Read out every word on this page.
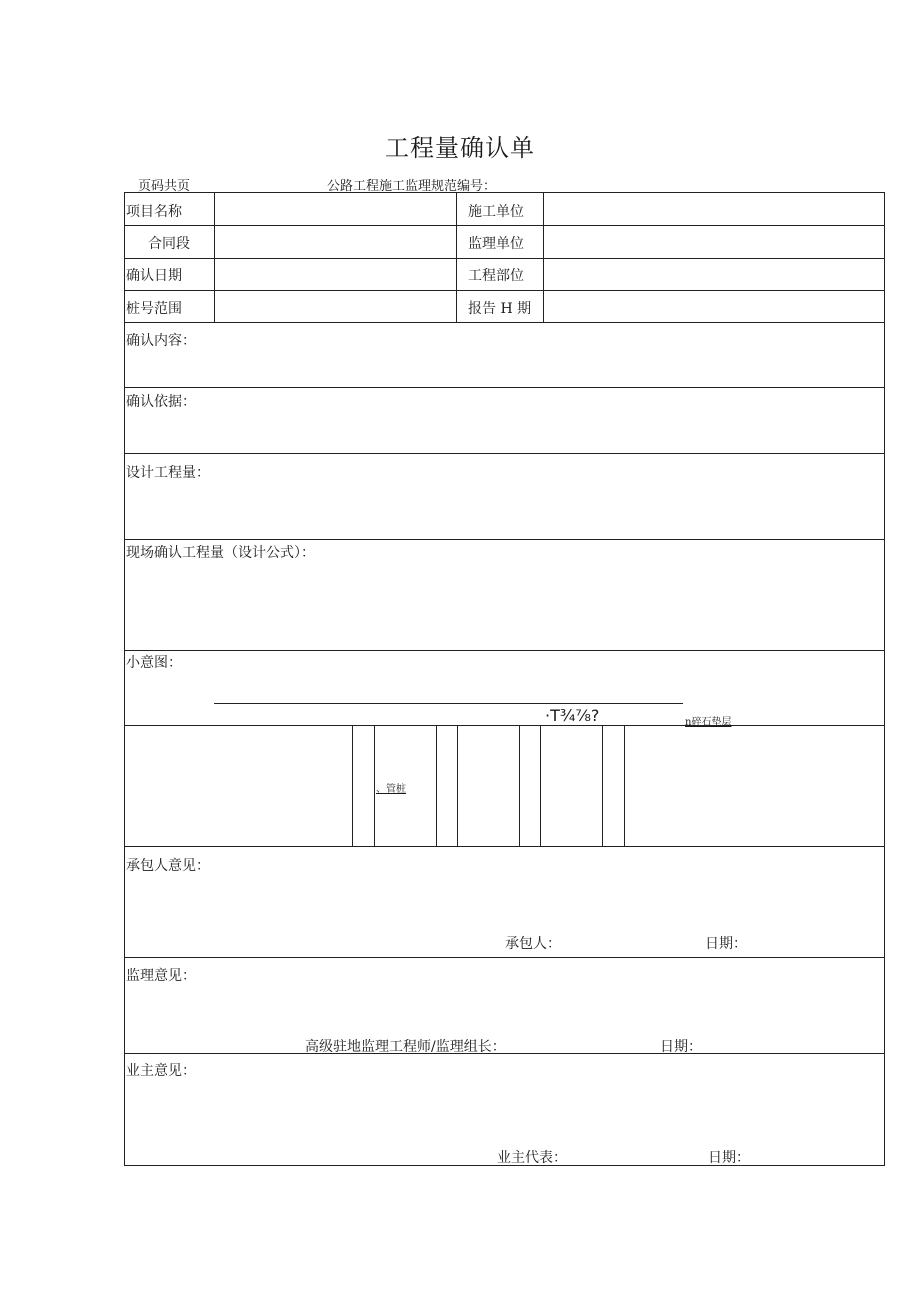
工程量确认单
页码共页	公路工程施工监理规范编号：
项目名称	施工单位
合同段	监理单位
确认日期	工程部位
桩号范围	报告 H 期
确认内容：
确认依据：
设计工程量：
现场确认工程量（设计公式）：
小意图：
·T¾⅞?	n碎石垫层
、管桩
承包人意见：
承包人：	日期：
监理意见：
高级驻地监理工程师/监理组长：	日期：
业主意见：
业主代表：	日期：
